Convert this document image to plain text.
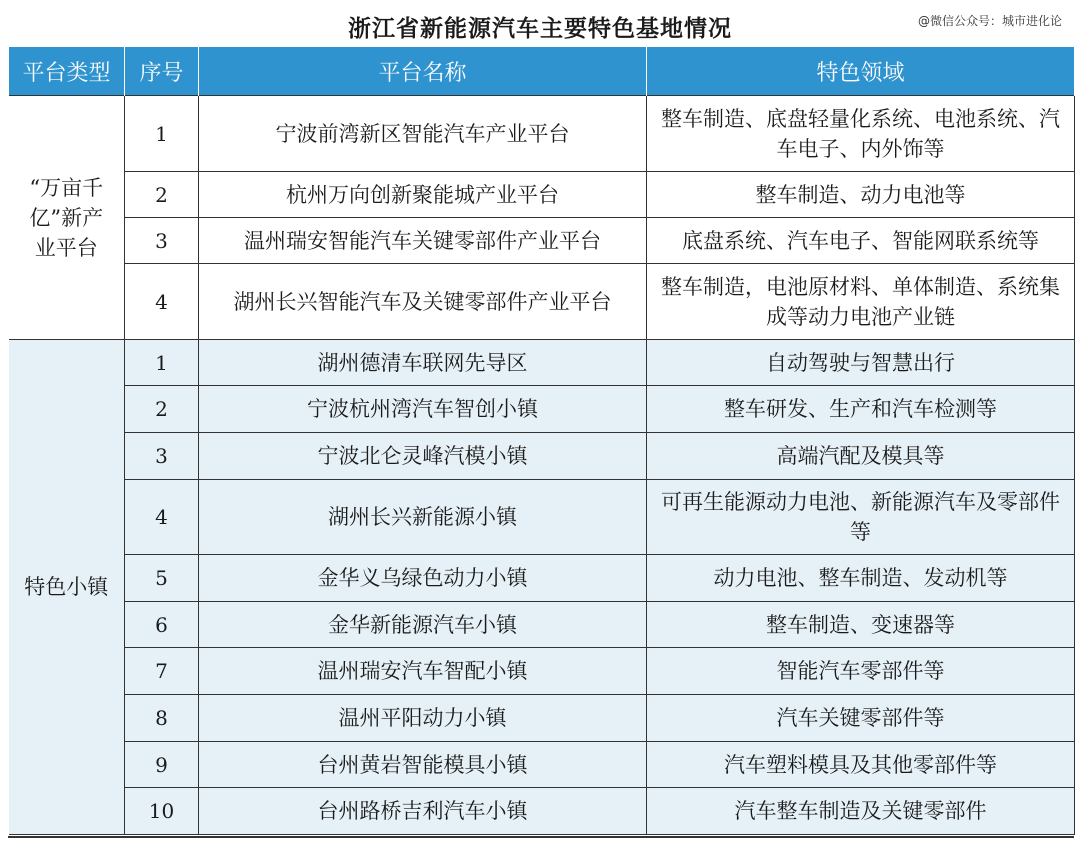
浙江省新能源汽车主要特色基地情况	@微信公众号：城市进化论
平台类型	序号	平台名称	特色领域
“万亩千亿”新产业平台	1	宁波前湾新区智能汽车产业平台	整车制造、底盘轻量化系统、电池系统、汽车电子、内外饰等
	2	杭州万向创新聚能城产业平台	整车制造、动力电池等
	3	温州瑞安智能汽车关键零部件产业平台	底盘系统、汽车电子、智能网联系统等
	4	湖州长兴智能汽车及关键零部件产业平台	整车制造，电池原材料、单体制造、系统集成等动力电池产业链
特色小镇	1	湖州德清车联网先导区	自动驾驶与智慧出行
	2	宁波杭州湾汽车智创小镇	整车研发、生产和汽车检测等
	3	宁波北仑灵峰汽模小镇	高端汽配及模具等
	4	湖州长兴新能源小镇	可再生能源动力电池、新能源汽车及零部件等
	5	金华义乌绿色动力小镇	动力电池、整车制造、发动机等
	6	金华新能源汽车小镇	整车制造、变速器等
	7	温州瑞安汽车智配小镇	智能汽车零部件等
	8	温州平阳动力小镇	汽车关键零部件等
	9	台州黄岩智能模具小镇	汽车塑料模具及其他零部件等
	10	台州路桥吉利汽车小镇	汽车整车制造及关键零部件
